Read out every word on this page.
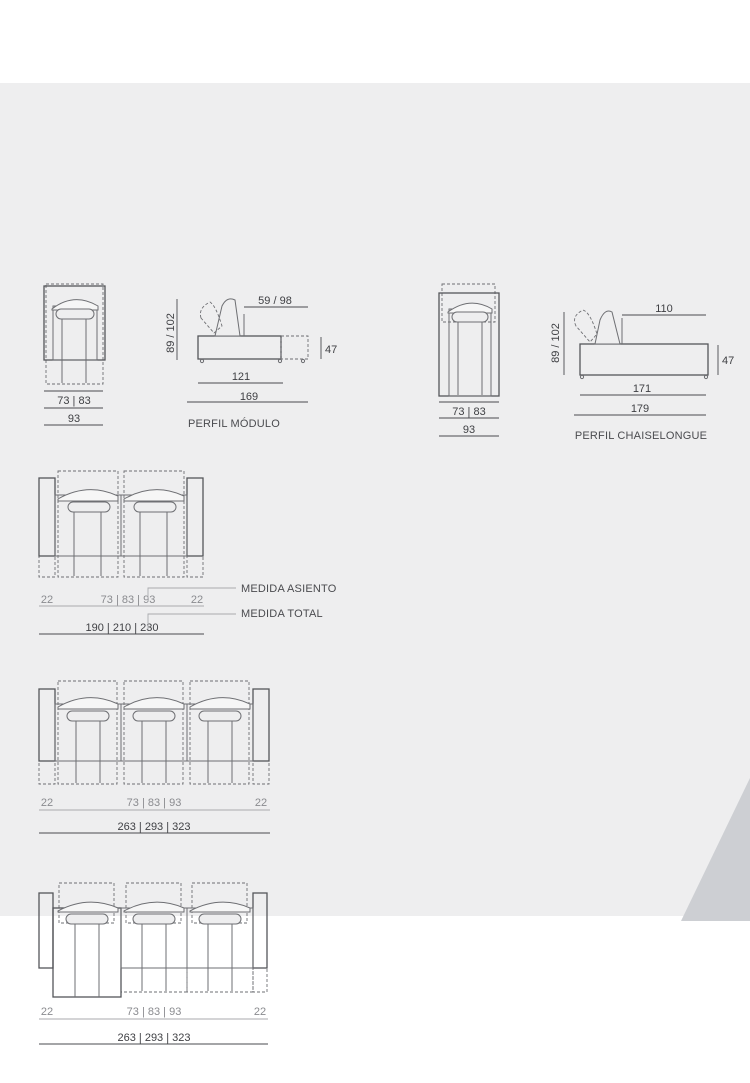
73 | 83
93
89 / 102
59 / 98
47
121
169
PERFIL MÓDULO
73 | 83
93
89 / 102
110
47
171
179
PERFIL CHAISELONGUE
22	73 | 83 | 93	22
190 | 210 | 230
MEDIDA ASIENTO
MEDIDA TOTAL
22	73 | 83 | 93	22
263 | 293 | 323
22	73 | 83 | 93	22
263 | 293 | 323
